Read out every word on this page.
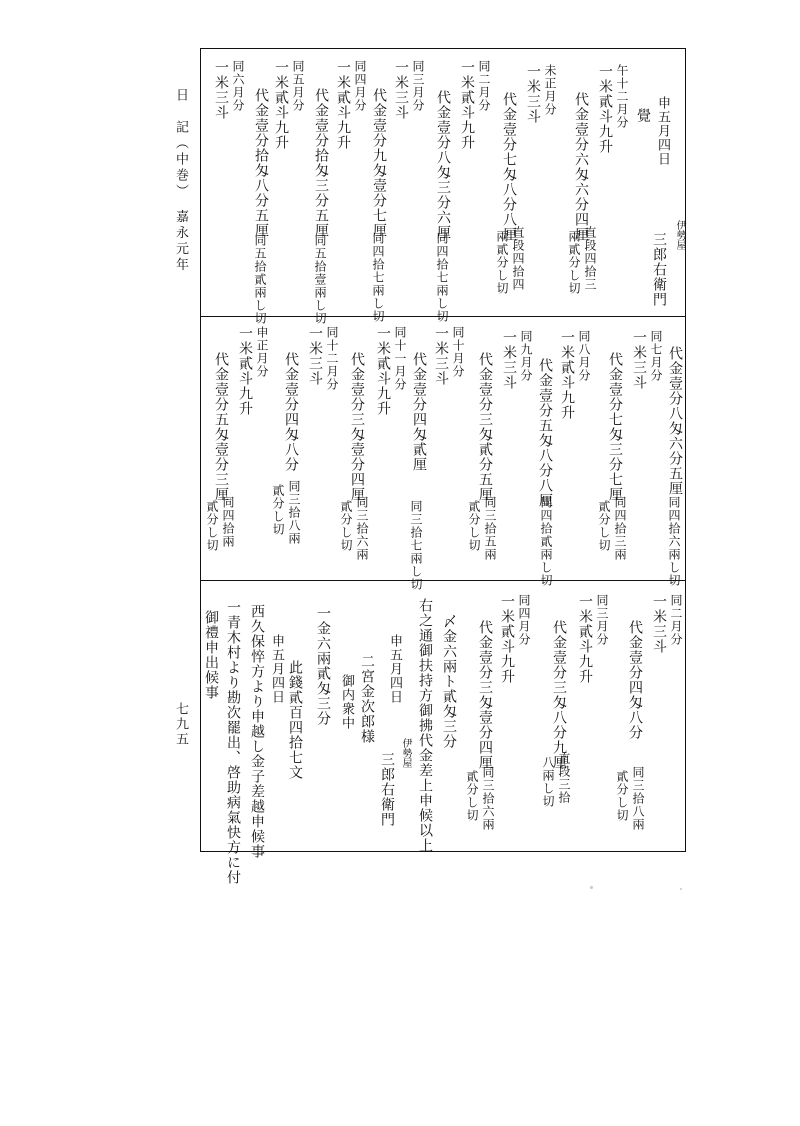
日　記（中巻）　嘉永元年
七九五
申五月四日
覺
伊勢屋
三郎右衛門
午十二月分
一米貳斗九升
代金壹分六匁六分四厘
直段四拾三
兩貳分し切
未正月分
一米三斗
代金壹分七匁八分八厘
直段四拾四
兩貳分し切
同二月分
一米貳斗九升
代金壹分八匁三分六厘
同四拾七兩し切
同三月分
一米三斗
代金壹分九匁壹分七厘
同四拾七兩し切
同四月分
一米貳斗九升
代金壹分拾匁三分五厘
同五拾壹兩し切
同五月分
一米貳斗九升
代金壹分拾匁八分五厘
同五拾貳兩し切
同六月分
一米三斗
代金壹分八匁六分五厘
同四拾六兩し切
同七月分
一米三斗
代金壹分七匁三分七厘
同四拾三兩
貳分し切
同八月分
一米貳斗九升
代金壹分五匁八分八厘
同四拾貳兩し切
同九月分
一米三斗
代金壹分三匁貳分五厘
同三拾五兩
貳分し切
同十月分
一米三斗
代金壹分四匁貳厘
同三拾七兩し切
同十一月分
一米貳斗九升
代金壹分三匁壹分四厘
同三拾六兩
貳分し切
同十二月分
一米三斗
代金壹分四匁八分
同三拾八兩
貳分し切
申正月分
一米貳斗九升
代金壹分五匁壹分三厘
同四拾兩
貳分し切
同二月分
一米三斗
代金壹分四匁八分
同三拾八兩
貳分し切
同三月分
一米貳斗九升
代金壹分三匁八分九厘
直段三拾
八兩し切
同四月分
一米貳斗九升
代金壹分三匁壹分四厘
同三拾六兩
貳分し切
〆金六兩ト貳匁三分
右之通御扶持方御拂代金差上申候以上
申五月四日
伊勢屋
三郎右衛門
二宮金次郎様
御内衆中
一金六兩貳匁三分
申五月四日 此錢貳百四拾七文
西久保悴方より申越し金子差越申候事
一青木村より勘次罷出、啓助病氣快方に付
御禮申出候事
